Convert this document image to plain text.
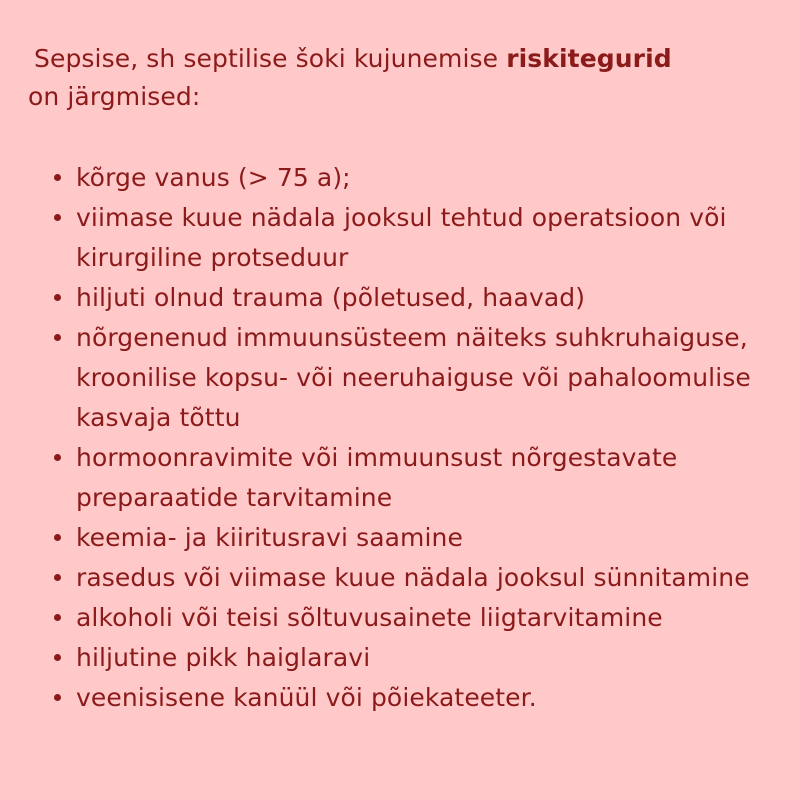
Sepsise, sh septilise šoki kujunemise riskitegurid
on järgmised:

kõrge vanus (> 75 a);
viimase kuue nädala jooksul tehtud operatsioon või kirurgiline protseduur
hiljuti olnud trauma (põletused, haavad)
nõrgenenud immuunsüsteem näiteks suhkruhaiguse, kroonilise kopsu- või neeruhaiguse või pahaloomulise kasvaja tõttu
hormoonravimite või immuunsust nõrgestavate preparaatide tarvitamine
keemia- ja kiiritusravi saamine
rasedus või viimase kuue nädala jooksul sünnitamine
alkoholi või teisi sõltuvusainete liigtarvitamine
hiljutine pikk haiglaravi
veenisisene kanüül või põiekateeter.
